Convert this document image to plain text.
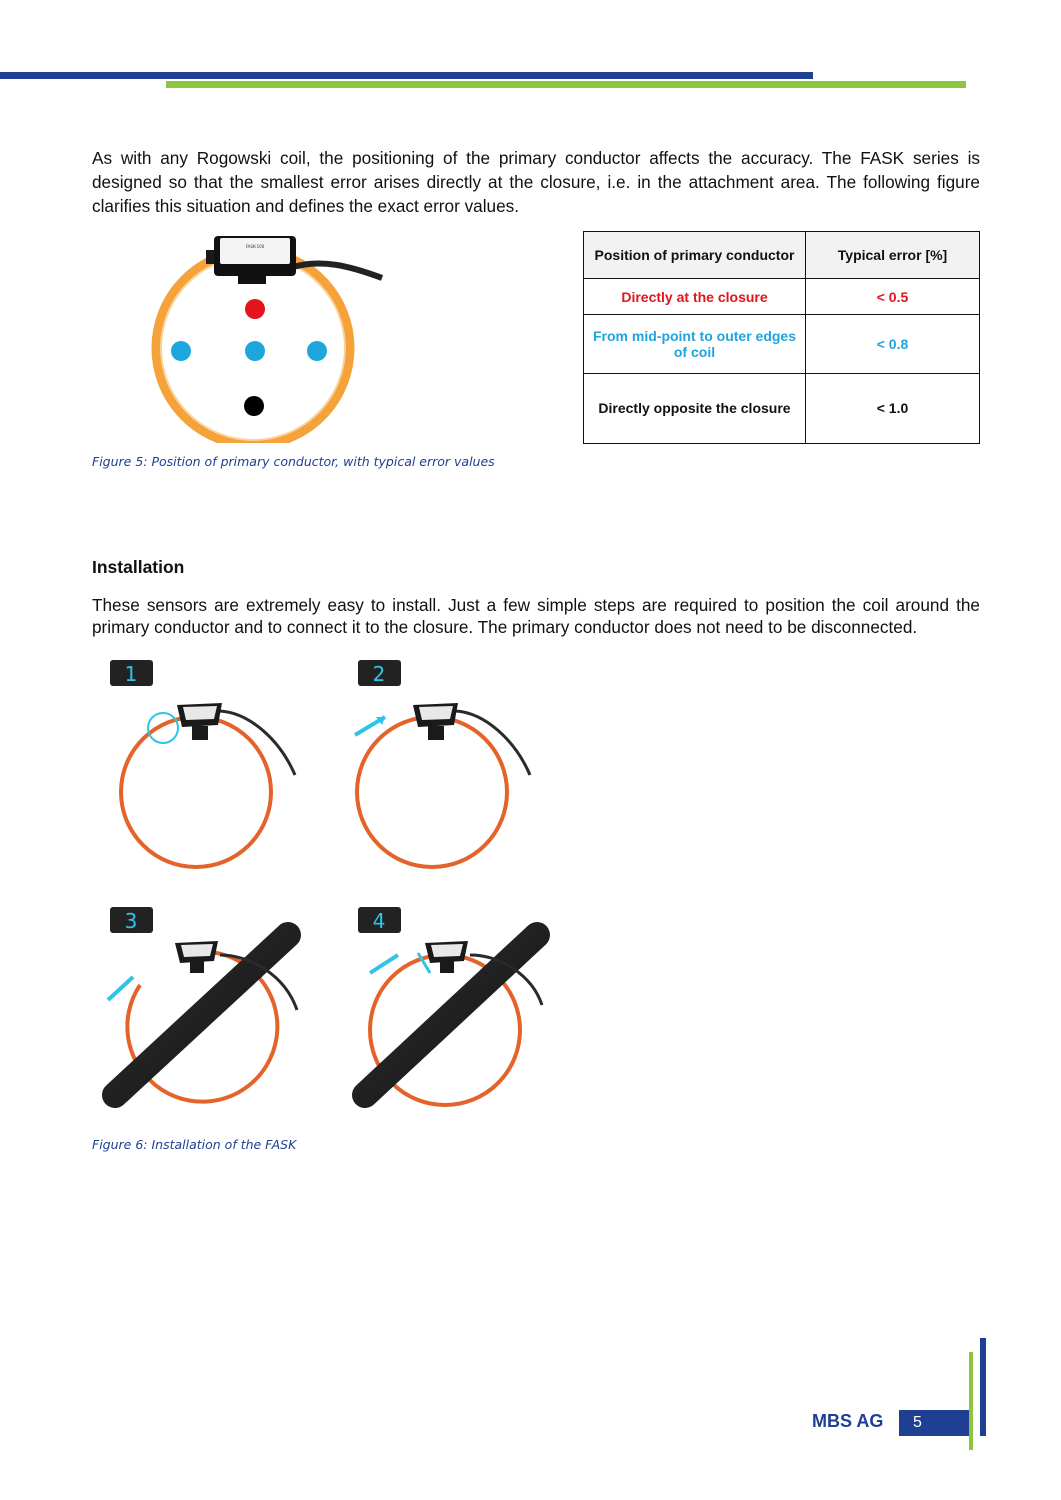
As with any Rogowski coil, the positioning of the primary conductor affects the accuracy. The FASK series is designed so that the smallest error arises directly at the closure, i.e. in the attachment area. The following figure clarifies this situation and defines the exact error values.

FASK-100
Position of primary conductor	Typical error [%]
Directly at the closure	< 0.5
From mid-point to outer edges of coil	< 0.8
Directly opposite the closure	< 1.0

Figure 5: Position of primary conductor, with typical error values

Installation

These sensors are extremely easy to install. Just a few simple steps are required to position the coil around the primary conductor and to connect it to the closure. The primary conductor does not need to be disconnected.

1	2
3	4

Figure 6: Installation of the FASK

MBS AG	5
